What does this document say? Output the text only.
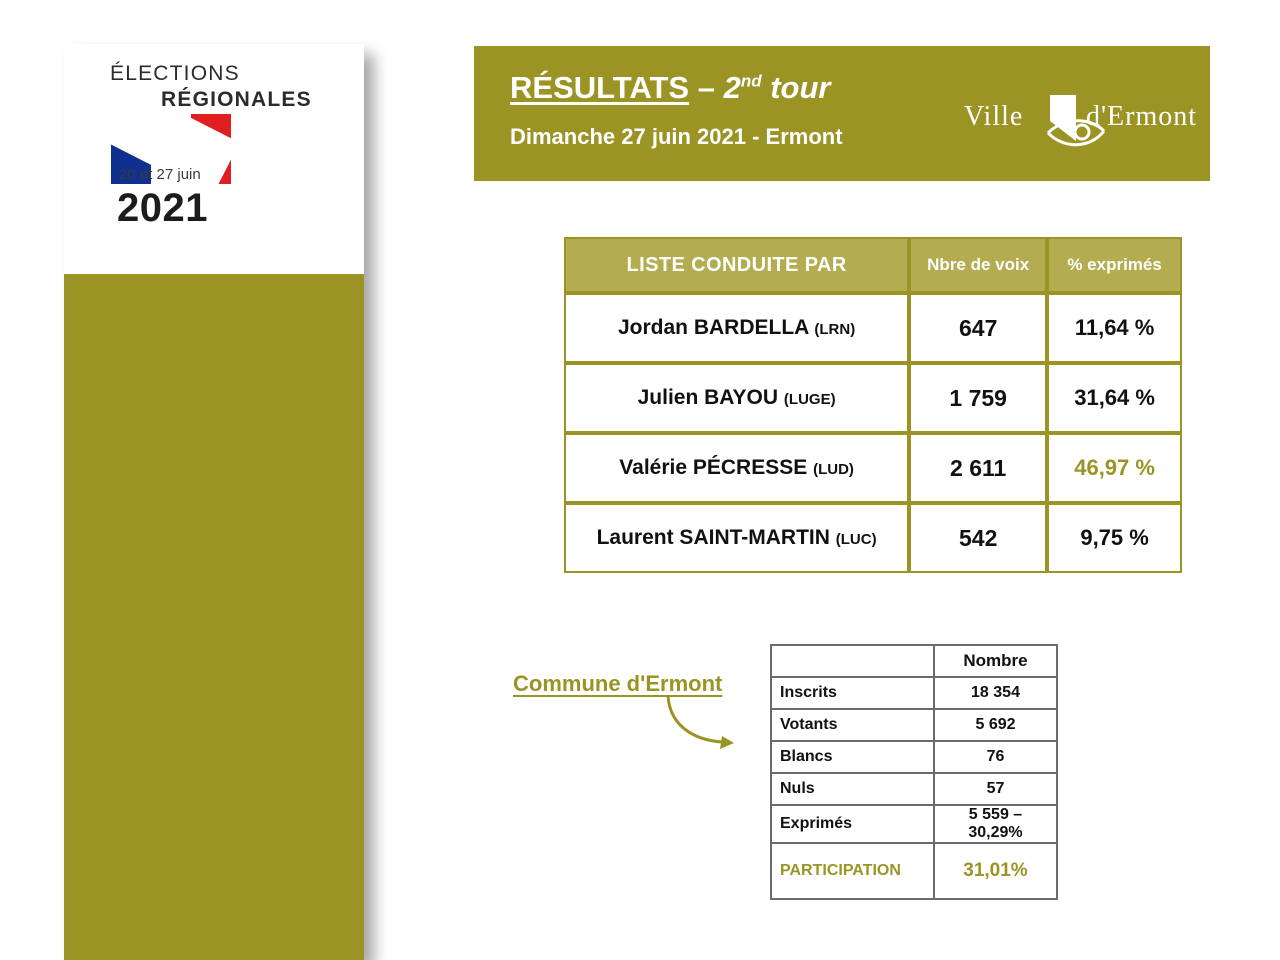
ÉLECTIONS
RÉGIONALES
20 et 27 juin
2021
RÉSULTATS – 2nd tour
Dimanche 27 juin 2021 - Ermont
Ville d'Ermont
LISTE CONDUITE PAR	Nbre de voix	% exprimés
Jordan BARDELLA (LRN)	647	11,64 %
Julien BAYOU (LUGE)	1 759	31,64 %
Valérie PÉCRESSE (LUD)	2 611	46,97 %
Laurent SAINT-MARTIN (LUC)	542	9,75 %
Commune d'Ermont
	Nombre
Inscrits	18 354
Votants	5 692
Blancs	76
Nuls	57
Exprimés	5 559 – 30,29%
PARTICIPATION	31,01%
